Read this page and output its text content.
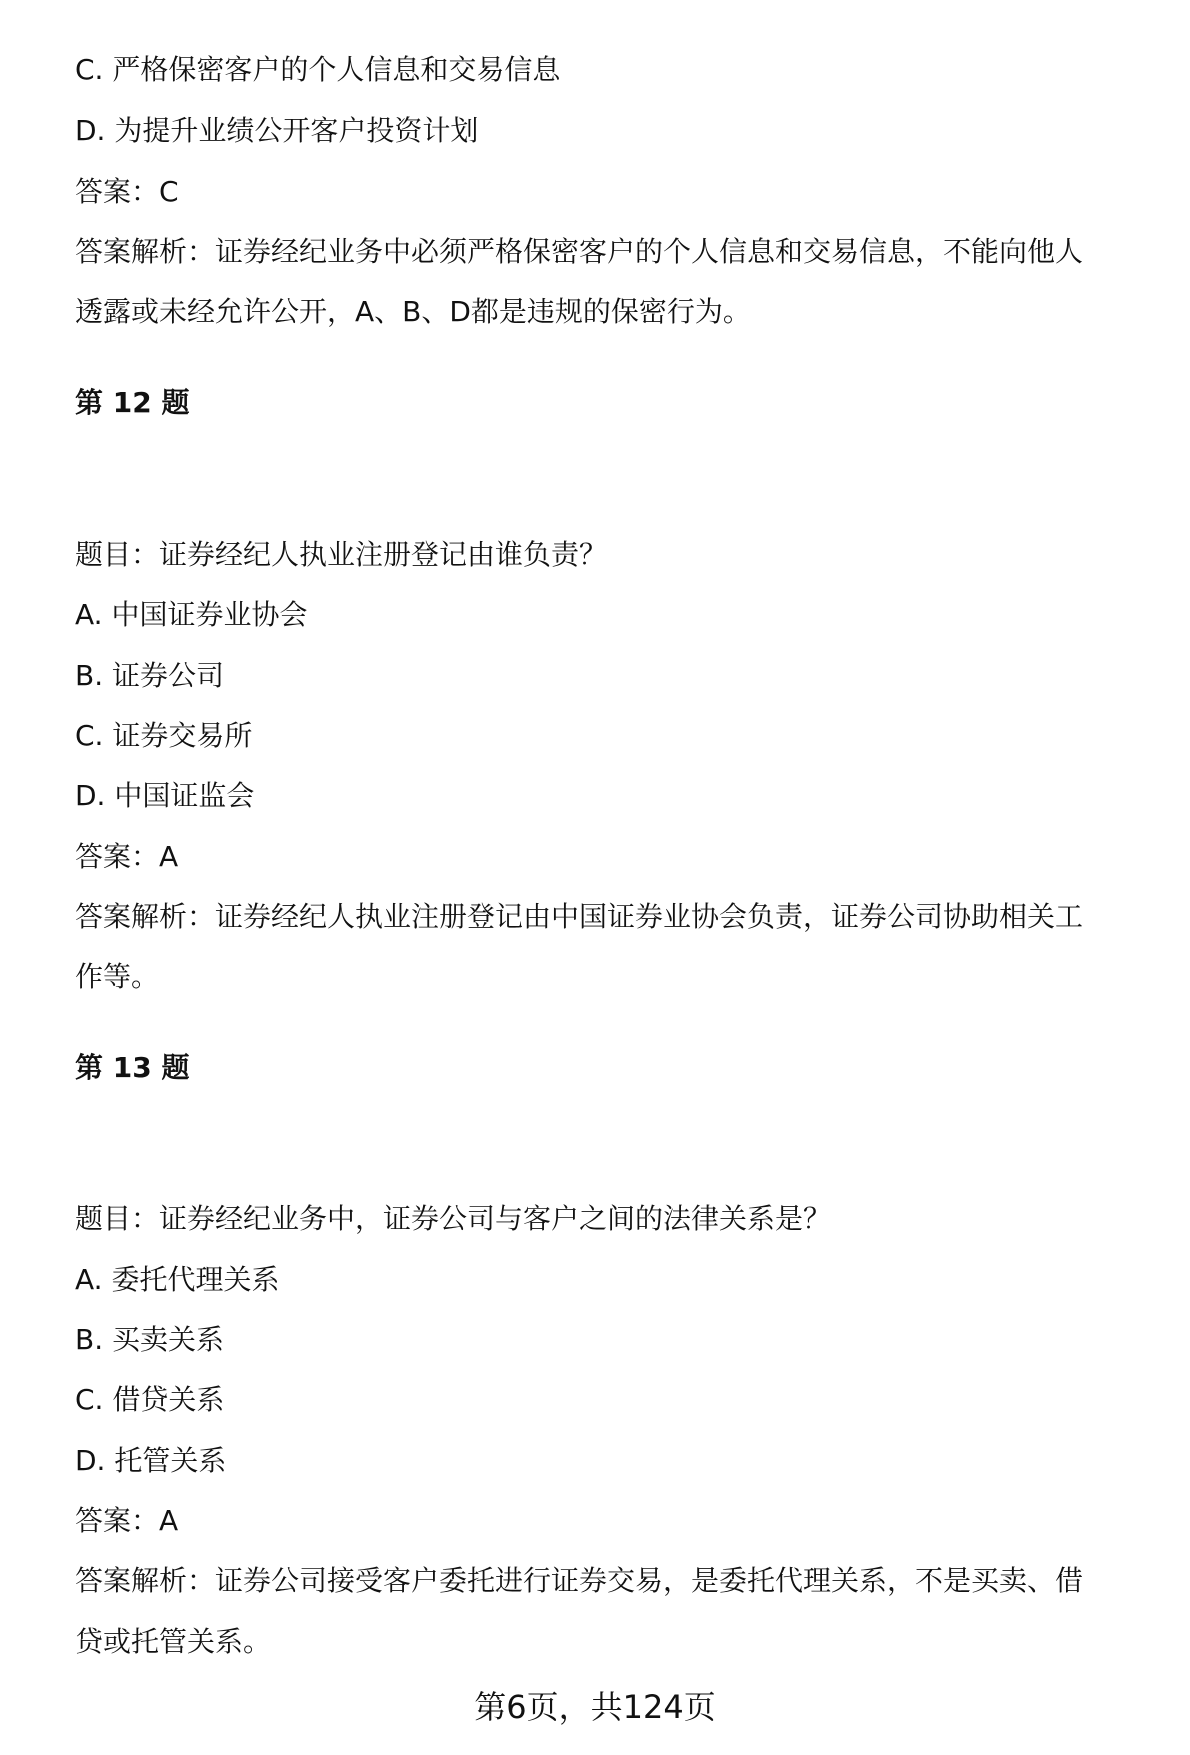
C. 严格保密客户的个人信息和交易信息
D. 为提升业绩公开客户投资计划
答案：C
答案解析：证券经纪业务中必须严格保密客户的个人信息和交易信息，不能向他人
透露或未经允许公开，A、B、D都是违规的保密行为。
第 12 题
题目：证券经纪人执业注册登记由谁负责？
A. 中国证券业协会
B. 证券公司
C. 证券交易所
D. 中国证监会
答案：A
答案解析：证券经纪人执业注册登记由中国证券业协会负责，证券公司协助相关工
作等。
第 13 题
题目：证券经纪业务中，证券公司与客户之间的法律关系是？
A. 委托代理关系
B. 买卖关系
C. 借贷关系
D. 托管关系
答案：A
答案解析：证券公司接受客户委托进行证券交易，是委托代理关系，不是买卖、借
贷或托管关系。
第6页，共124页
